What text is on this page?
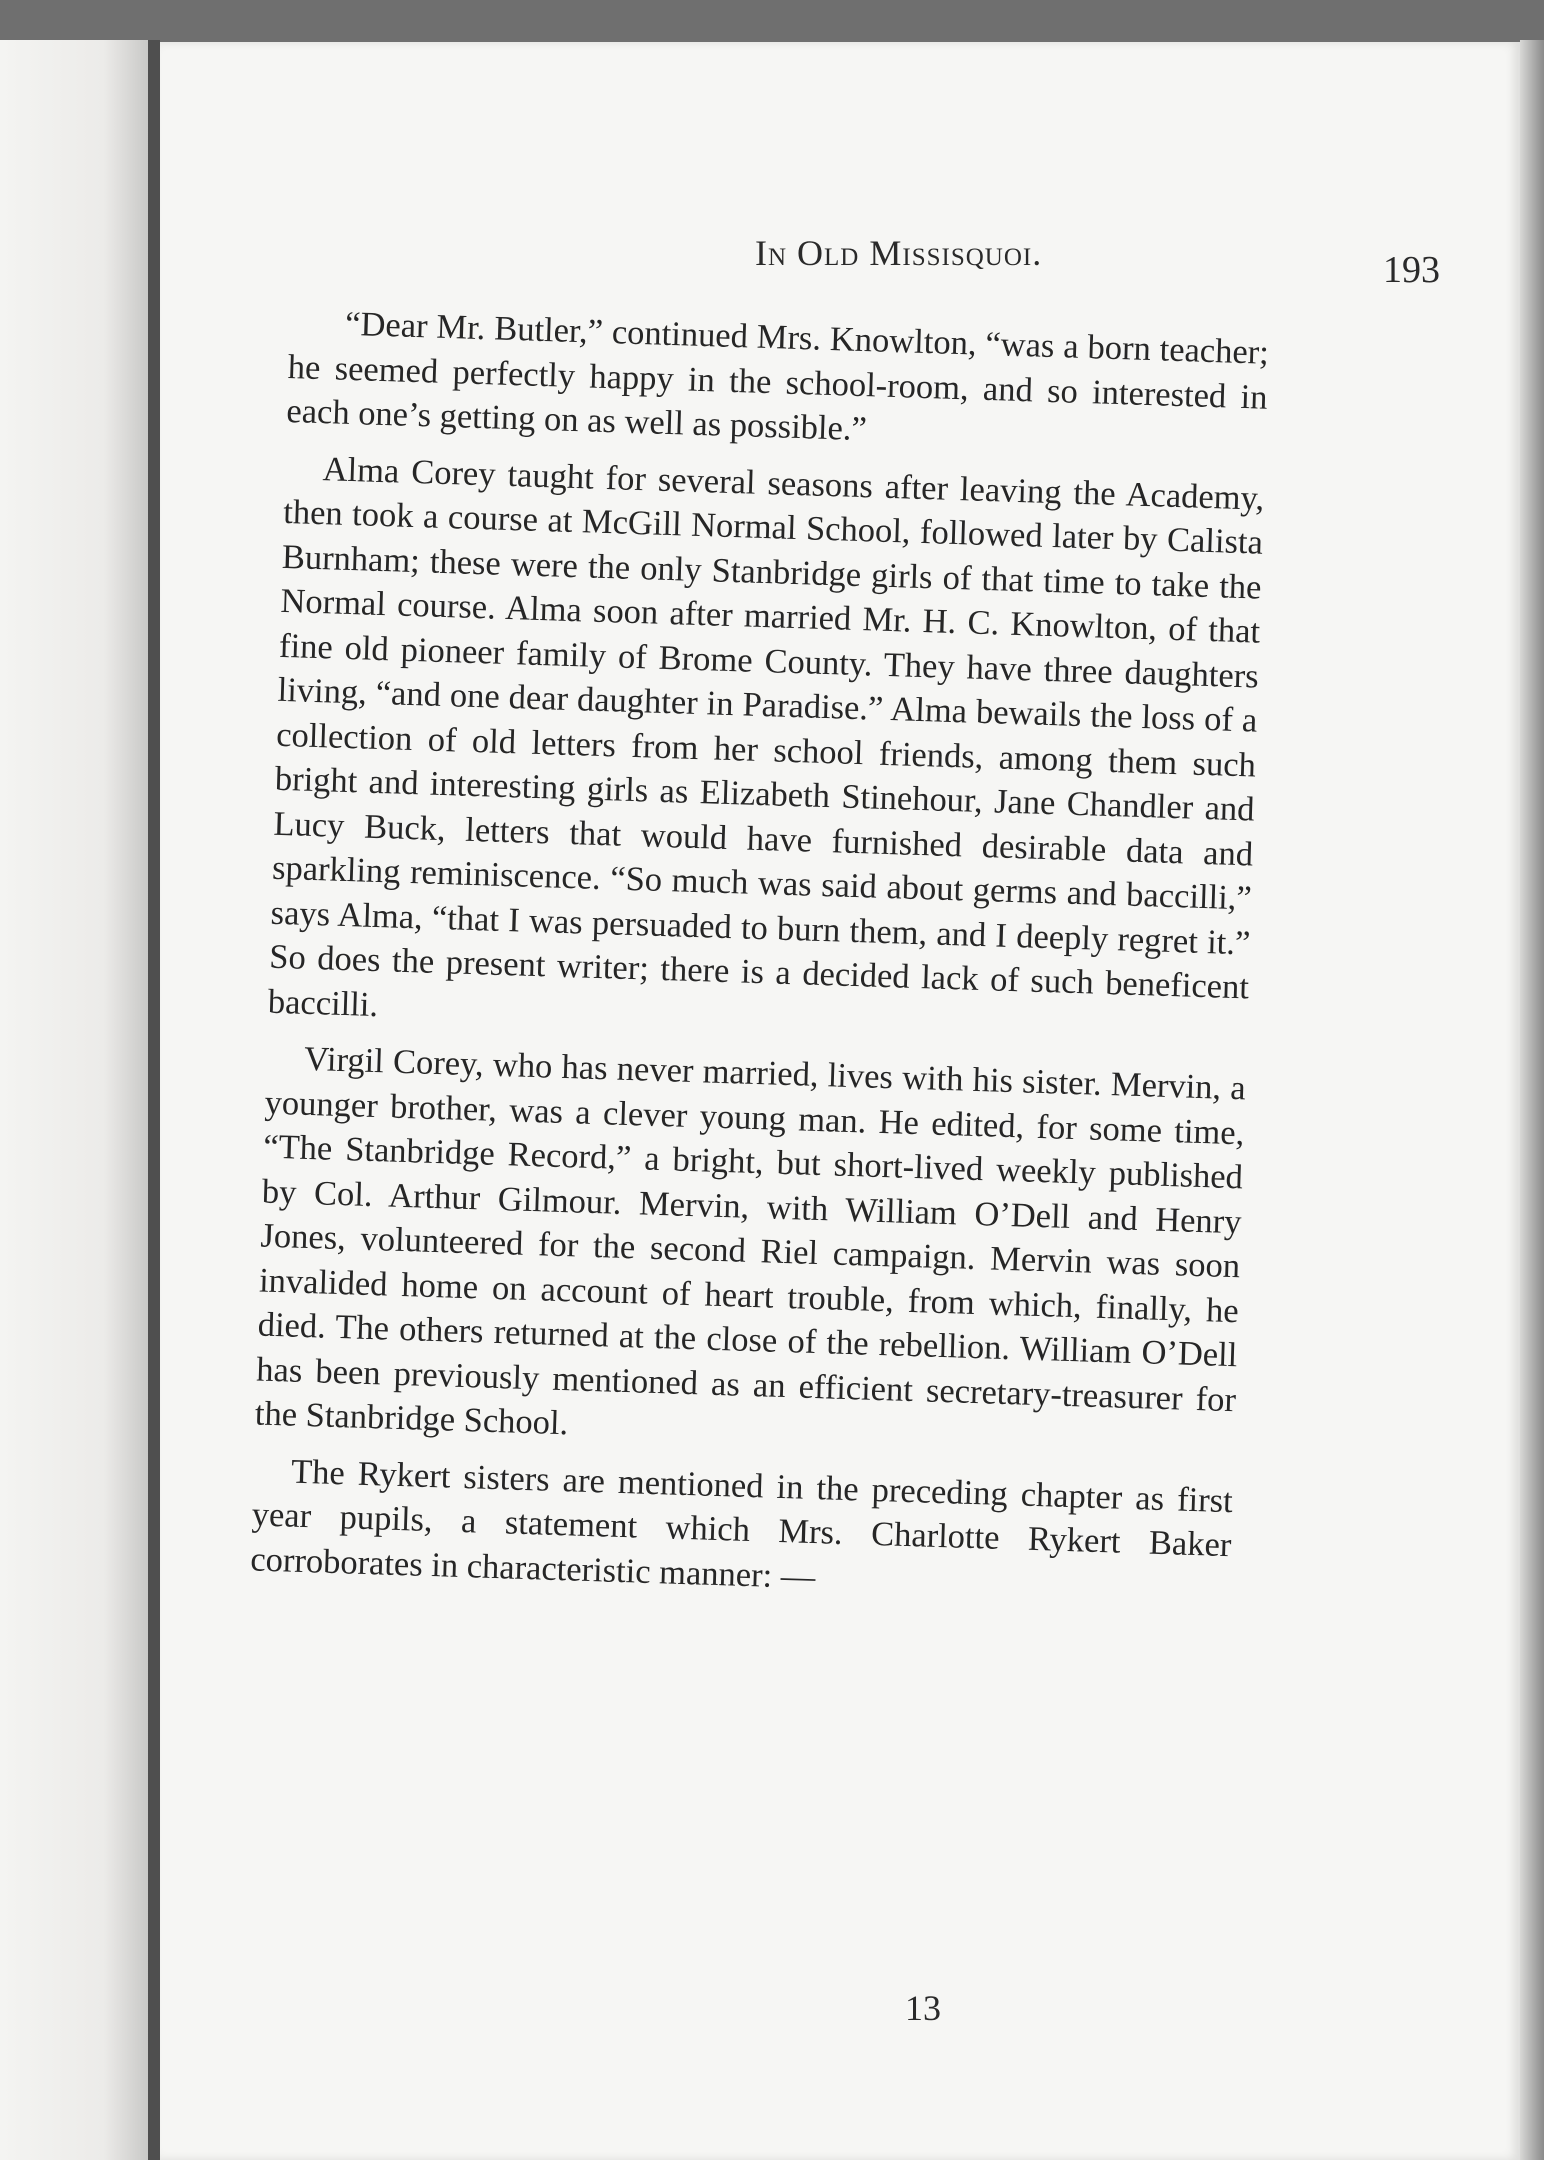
In Old Missisquoi.	193

“Dear Mr. Butler,” continued Mrs. Knowlton, “was a born teacher; he seemed perfectly happy in the school-room, and so interested in each one’s getting on as well as possible.”

Alma Corey taught for several seasons after leaving the Academy, then took a course at McGill Normal School, followed later by Calista Burnham; these were the only Stanbridge girls of that time to take the Normal course. Alma soon after married Mr. H. C. Knowlton, of that fine old pioneer family of Brome County. They have three daughters living, “and one dear daughter in Paradise.” Alma bewails the loss of a collection of old letters from her school friends, among them such bright and interesting girls as Elizabeth Stinehour, Jane Chandler and Lucy Buck, letters that would have furnished desirable data and sparkling reminiscence. “So much was said about germs and baccilli,” says Alma, “that I was persuaded to burn them, and I deeply regret it.” So does the present writer; there is a decided lack of such beneficent baccilli.

Virgil Corey, who has never married, lives with his sister. Mervin, a younger brother, was a clever young man. He edited, for some time, “The Stanbridge Record,” a bright, but short-lived weekly published by Col. Arthur Gilmour. Mervin, with William O’Dell and Henry Jones, volunteered for the second Riel campaign. Mervin was soon invalided home on account of heart trouble, from which, finally, he died. The others returned at the close of the rebellion. William O’Dell has been previously mentioned as an efficient secretary-treasurer for the Stanbridge School.

The Rykert sisters are mentioned in the preceding chapter as first year pupils, a statement which Mrs. Charlotte Rykert Baker corroborates in characteristic manner: —

13
